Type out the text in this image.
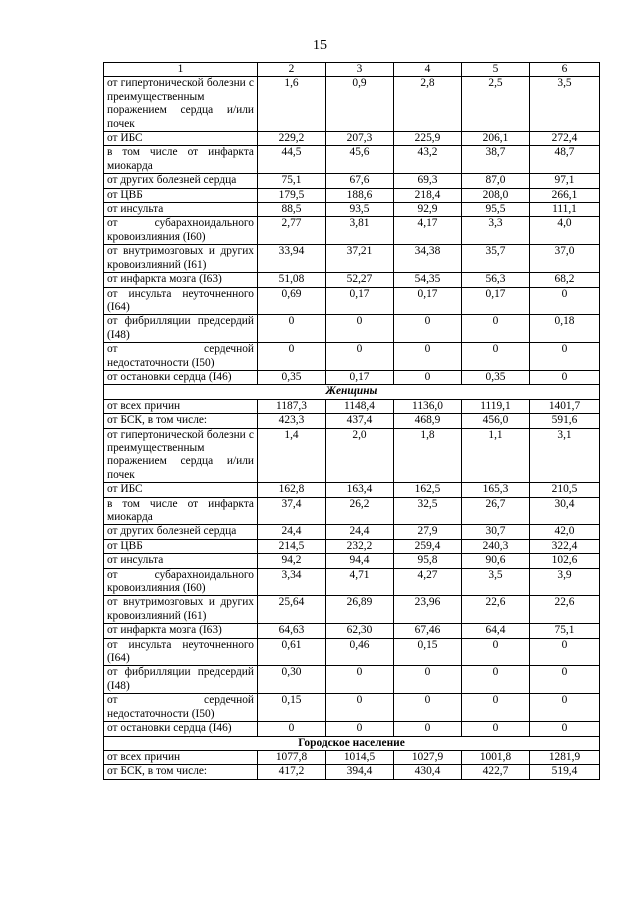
15
1	2	3	4	5	6
от гипертонической болезни с преимущественным поражением сердца и/или почек	1,6	0,9	2,8	2,5	3,5
от ИБС	229,2	207,3	225,9	206,1	272,4
в том числе от инфаркта миокарда	44,5	45,6	43,2	38,7	48,7
от других болезней сердца	75,1	67,6	69,3	87,0	97,1
от ЦВБ	179,5	188,6	218,4	208,0	266,1
от инсульта	88,5	93,5	92,9	95,5	111,1
от субарахноидального кровоизлияния (I60)	2,77	3,81	4,17	3,3	4,0
от внутримозговых и других кровоизлияний (I61)	33,94	37,21	34,38	35,7	37,0
от инфаркта мозга (I63)	51,08	52,27	54,35	56,3	68,2
от инсульта неуточненного (I64)	0,69	0,17	0,17	0,17	0
от фибрилляции предсердий (I48)	0	0	0	0	0,18
от сердечной недостаточности (I50)	0	0	0	0	0
от остановки сердца (I46)	0,35	0,17	0	0,35	0
Женщины					
от всех причин	1187,3	1148,4	1136,0	1119,1	1401,7
от БСК, в том числе:	423,3	437,4	468,9	456,0	591,6
от гипертонической болезни с преимущественным поражением сердца и/или почек	1,4	2,0	1,8	1,1	3,1
от ИБС	162,8	163,4	162,5	165,3	210,5
в том числе от инфаркта миокарда	37,4	26,2	32,5	26,7	30,4
от других болезней сердца	24,4	24,4	27,9	30,7	42,0
от ЦВБ	214,5	232,2	259,4	240,3	322,4
от инсульта	94,2	94,4	95,8	90,6	102,6
от субарахноидального кровоизлияния (I60)	3,34	4,71	4,27	3,5	3,9
от внутримозговых и других кровоизлияний (I61)	25,64	26,89	23,96	22,6	22,6
от инфаркта мозга (I63)	64,63	62,30	67,46	64,4	75,1
от инсульта неуточненного (I64)	0,61	0,46	0,15	0	0
от фибрилляции предсердий (I48)	0,30	0	0	0	0
от сердечной недостаточности (I50)	0,15	0	0	0	0
от остановки сердца (I46)	0	0	0	0	0
Городское население					
от всех причин	1077,8	1014,5	1027,9	1001,8	1281,9
от БСК, в том числе:	417,2	394,4	430,4	422,7	519,4
